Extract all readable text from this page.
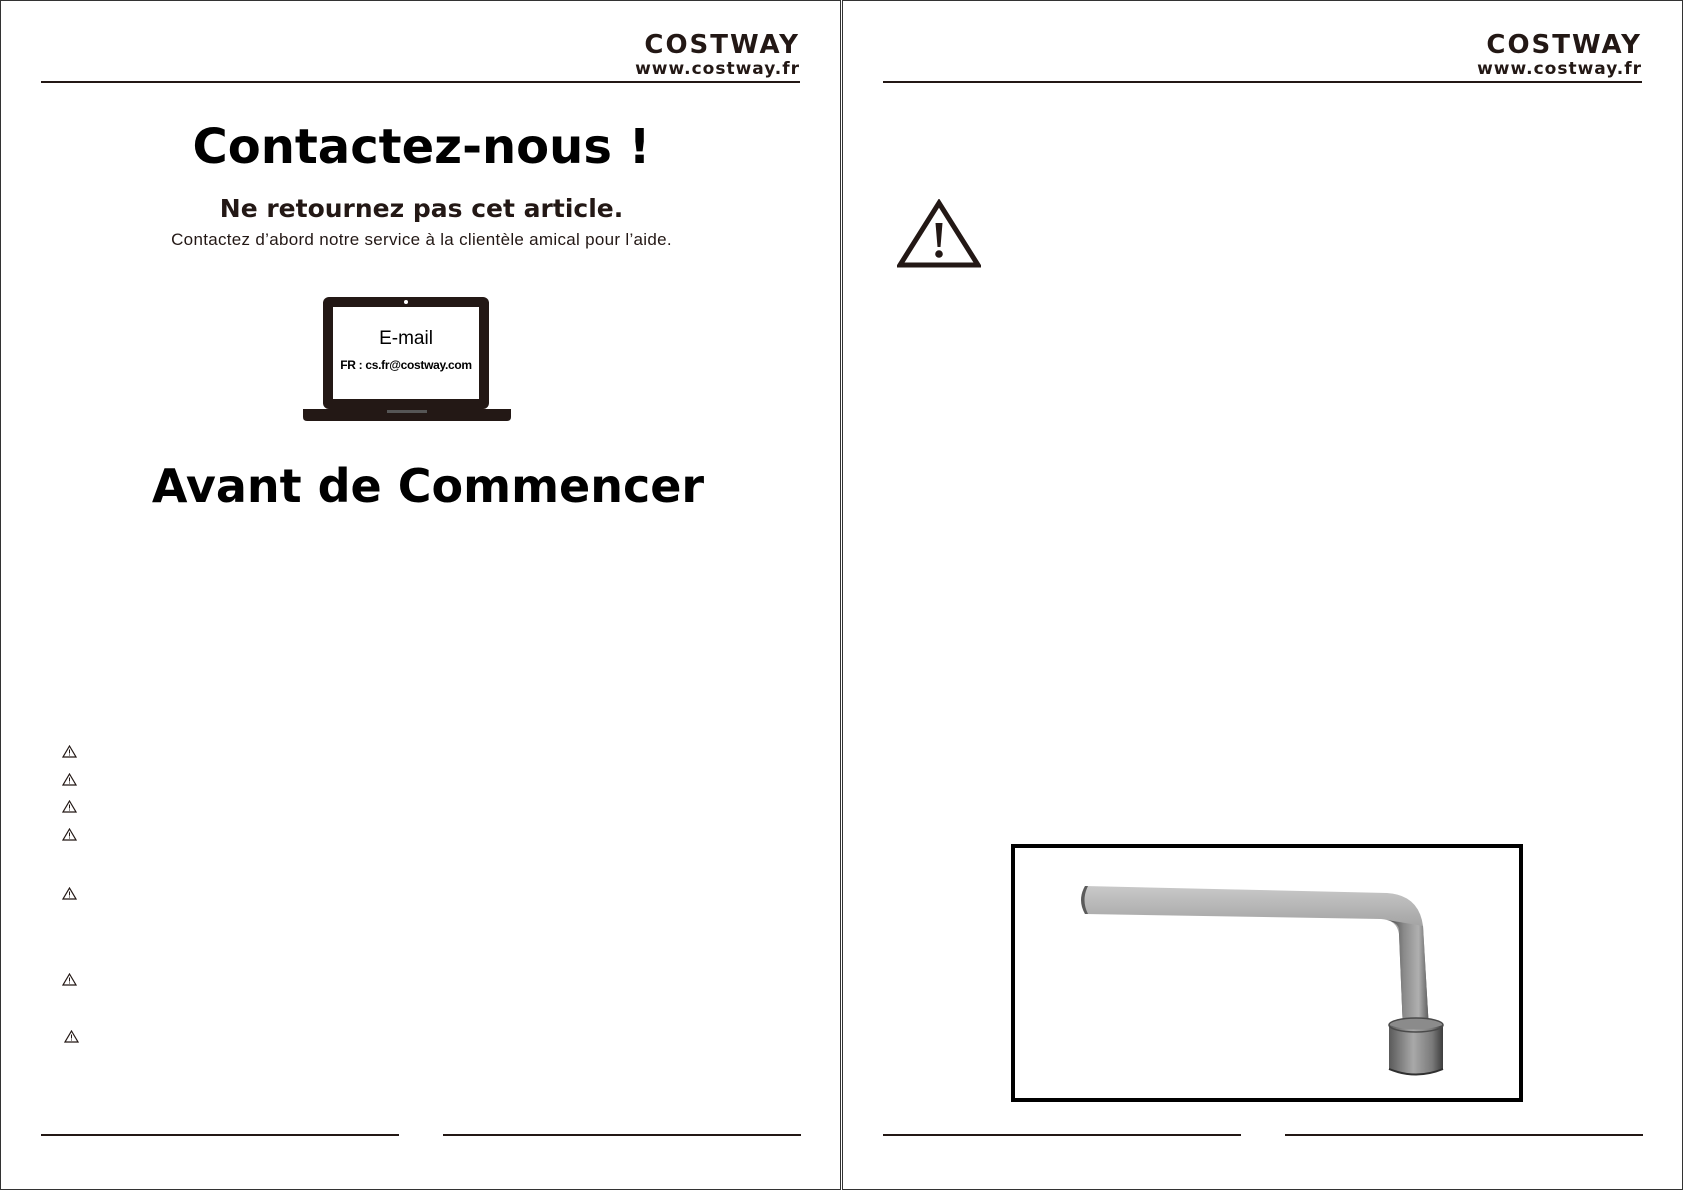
COSTWAY
www.costway.fr
Contactez-nous !
Ne retournez pas cet article.
Contactez d’abord notre service à la clientèle amical pour l’aide.
E-mail
FR : cs.fr@costway.com
Avant de Commencer
COSTWAY
www.costway.fr
